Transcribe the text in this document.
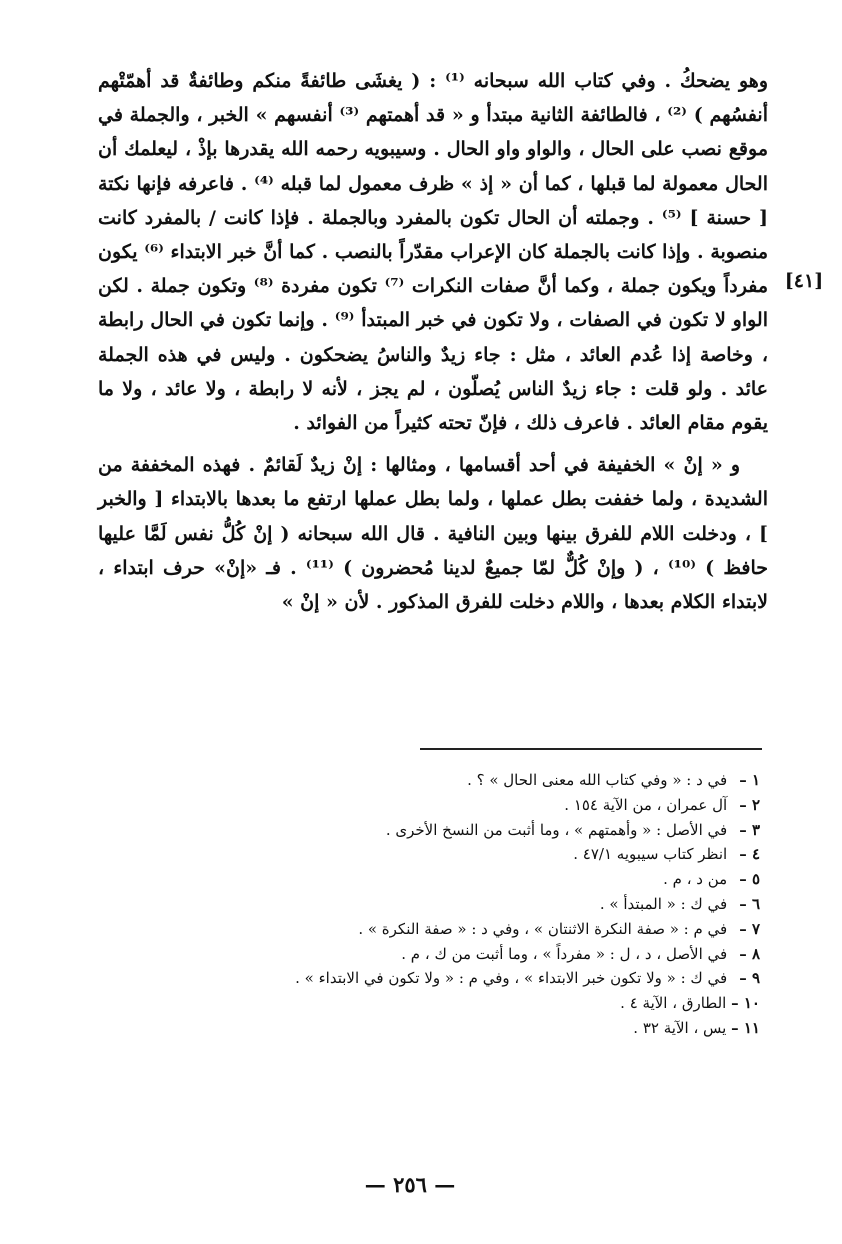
وهو يضحكُ . وفي كتاب الله سبحانه ⁽¹⁾ : ( يغشَى طائفةً منكم وطائفةٌ قد أهمّتْهم أنفسُهم ) ⁽²⁾ ، فالطائفة الثانية مبتدأ و « قد أهمتهم ⁽³⁾ أنفسهم » الخبر ، والجملة في موقع نصب على الحال ، والواو واو الحال . وسيبويه رحمه الله يقدرها بإذْ ، ليعلمك أن الحال معمولة لما قبلها ، كما أن « إذ » ظرف معمول لما قبله ⁽⁴⁾ . فاعرفه فإنها نكتة [ حسنة ] ⁽⁵⁾ . وجملته أن الحال تكون بالمفرد وبالجملة . فإذا كانت / بالمفرد كانت منصوبة . وإذا كانت بالجملة كان الإعراب مقدّراً بالنصب . كما أنَّ خبر الابتداء ⁽⁶⁾ يكون مفرداً ويكون جملة ، وكما أنَّ صفات النكرات ⁽⁷⁾ تكون مفردة ⁽⁸⁾ وتكون جملة . لكن الواو لا تكون في الصفات ، ولا تكون في خبر المبتدأ ⁽⁹⁾ . وإنما تكون في الحال رابطة ، وخاصة إذا عُدم العائد ، مثل : جاء زيدٌ والناسُ يضحكون . وليس في هذه الجملة عائد . ولو قلت : جاء زيدٌ الناس يُصلّون ، لم يجز ، لأنه لا رابطة ، ولا عائد ، ولا ما يقوم مقام العائد . فاعرف ذلك ، فإنّ تحته كثيراً من الفوائد .

و « إنْ » الخفيفة في أحد أقسامها ، ومثالها : إنْ زيدٌ لَقائمٌ . فهذه المخففة من الشديدة ، ولما خففت بطل عملها ، ولما بطل عملها ارتفع ما بعدها بالابتداء [ والخبر ] ، ودخلت اللام للفرق بينها وبين النافية . قال الله سبحانه ( إنْ كُلُّ نفس لَمَّا عليها حافظ ) ⁽¹⁰⁾ ، ( وإنْ كُلٌّ لمّا جميعٌ لدينا مُحضرون ) ⁽¹¹⁾ . فـ «إنْ» حرف ابتداء ، لابتداء الكلام بعدها ، واللام دخلت للفرق المذكور . لأن « إنْ »

[٤١]
١ – في د : « وفي كتاب الله معنى الحال » ؟ .
٢ – آل عمران ، من الآية ١٥٤ .
٣ – في الأصل : « وأهمتهم » ، وما أثبت من النسخ الأخرى .
٤ – انظر كتاب سيبويه ٤٧/١ .
٥ – من د ، م .
٦ – في ك : « المبتدأ » .
٧ – في م : « صفة النكرة الاثنتان » ، وفي د : « صفة النكرة » .
٨ – في الأصل ، د ، ل : « مفرداً » ، وما أثبت من ك ، م .
٩ – في ك : « ولا تكون خبر الابتداء » ، وفي م : « ولا تكون في الابتداء » .
١٠ – الطارق ، الآية ٤ .
١١ – يس ، الآية ٣٢ .
— ٢٥٦ —
